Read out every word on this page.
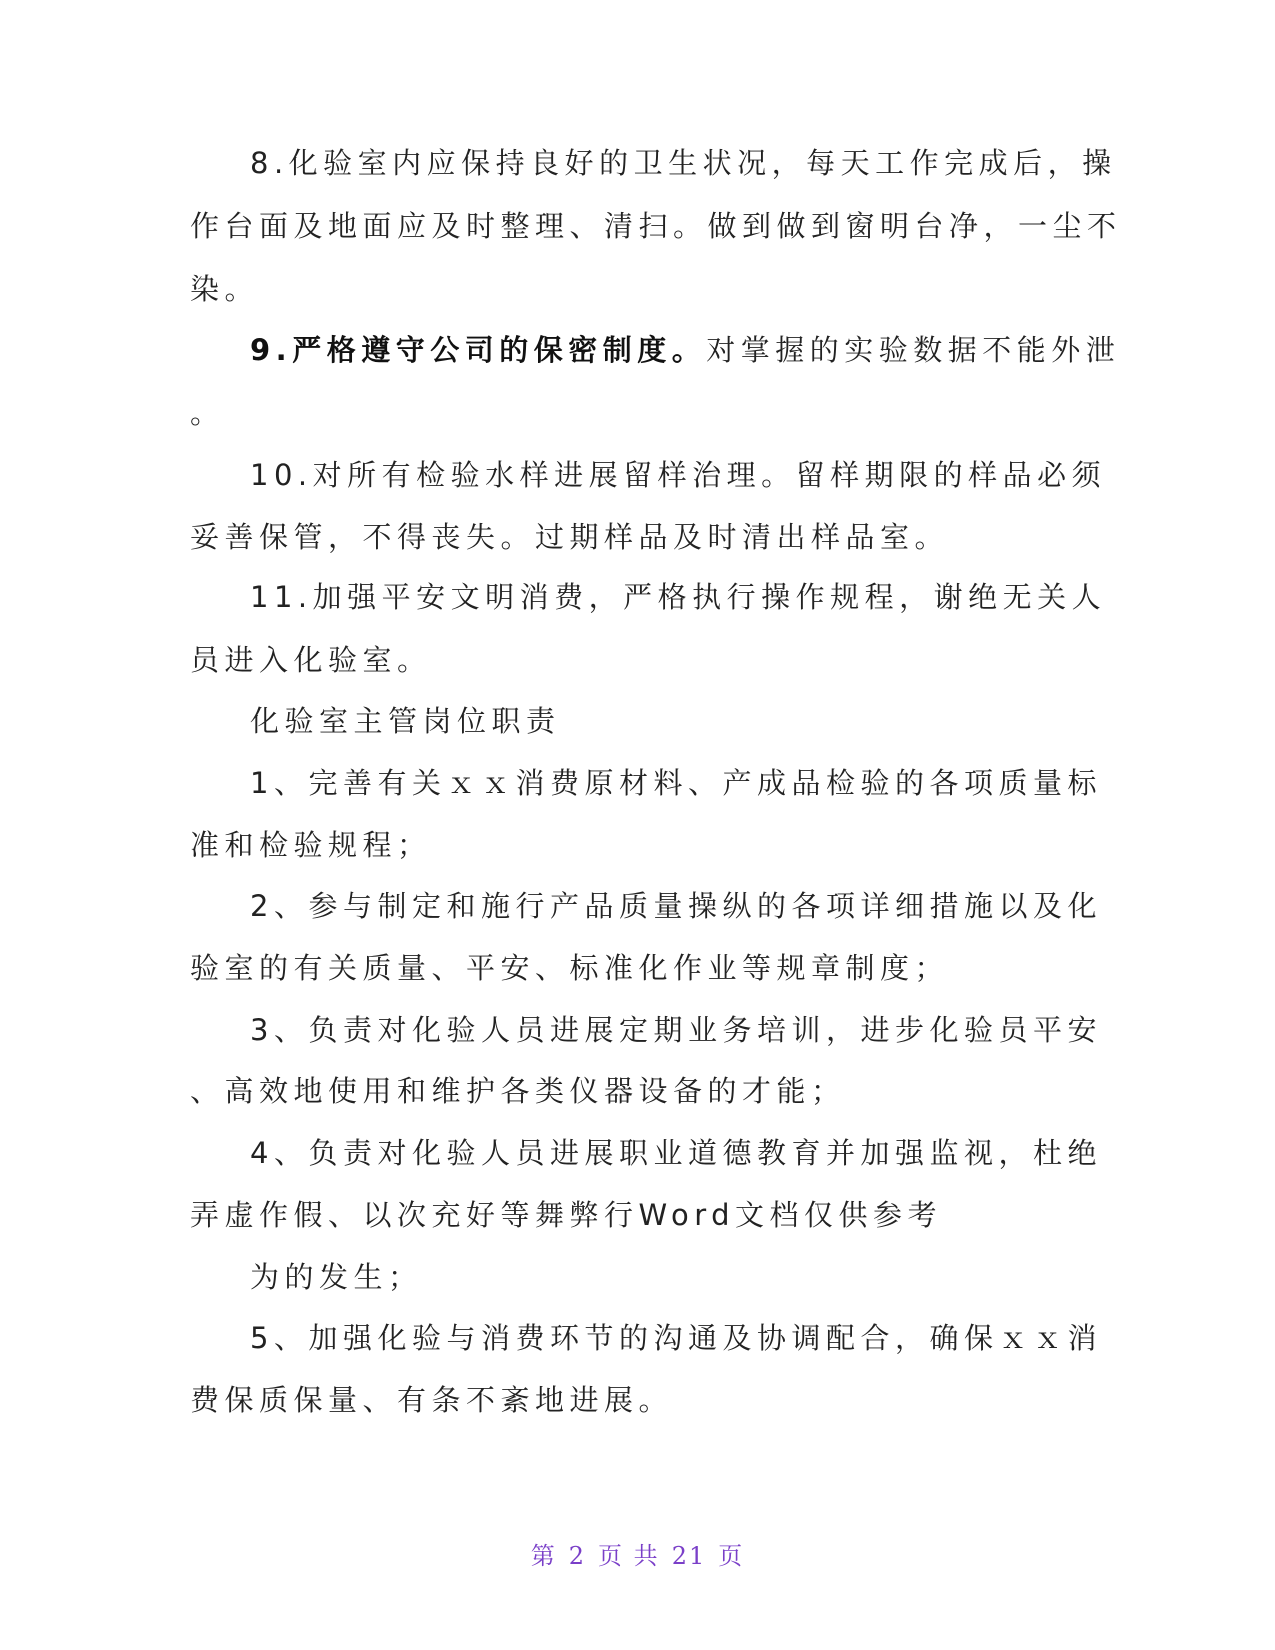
8.化验室内应保持良好的卫生状况，每天工作完成后，操
作台面及地面应及时整理、清扫。做到做到窗明台净，一尘不
染。
9.严格遵守公司的保密制度。对掌握的实验数据不能外泄
。
10.对所有检验水样进展留样治理。留样期限的样品必须
妥善保管，不得丧失。过期样品及时清出样品室。
11.加强平安文明消费，严格执行操作规程，谢绝无关人
员进入化验室。
化验室主管岗位职责
1、完善有关ｘｘ消费原材料、产成品检验的各项质量标
准和检验规程；
2、参与制定和施行产品质量操纵的各项详细措施以及化
验室的有关质量、平安、标准化作业等规章制度；
3、负责对化验人员进展定期业务培训，进步化验员平安
、高效地使用和维护各类仪器设备的才能；
4、负责对化验人员进展职业道德教育并加强监视，杜绝
弄虚作假、以次充好等舞弊行Word文档仅供参考
为的发生；
5、加强化验与消费环节的沟通及协调配合，确保ｘｘ消
费保质保量、有条不紊地进展。
第 2 页 共 21 页
